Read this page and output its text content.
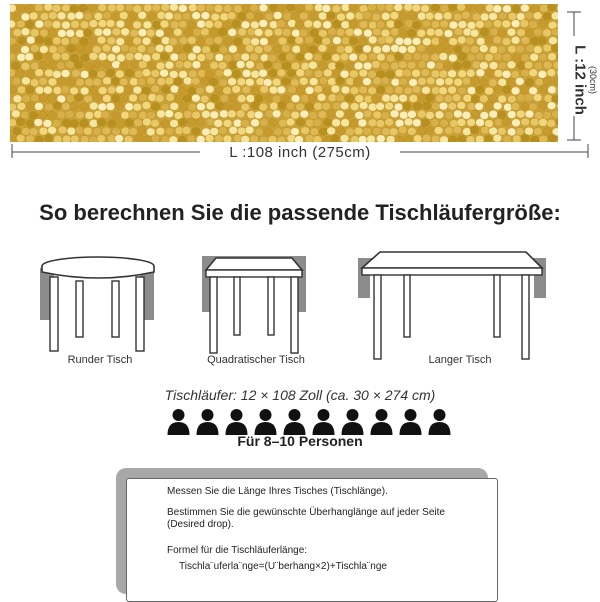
L :108 inch (275cm)
L :12 inch (30cm)
So berechnen Sie die passende Tischläufergröße:
Runder Tisch	Quadratischer Tisch	Langer Tisch
Tischläufer: 12 × 108 Zoll (ca. 30 × 274 cm)
Für 8–10 Personen
Messen Sie die Länge Ihres Tisches (Tischlänge).
Bestimmen Sie die gewünschte Überhanglänge auf jeder Seite
(Desired drop).
Formel für die Tischläuferlänge:
Tischla¨uferla¨nge=(U¨berhang×2)+Tischla¨nge
